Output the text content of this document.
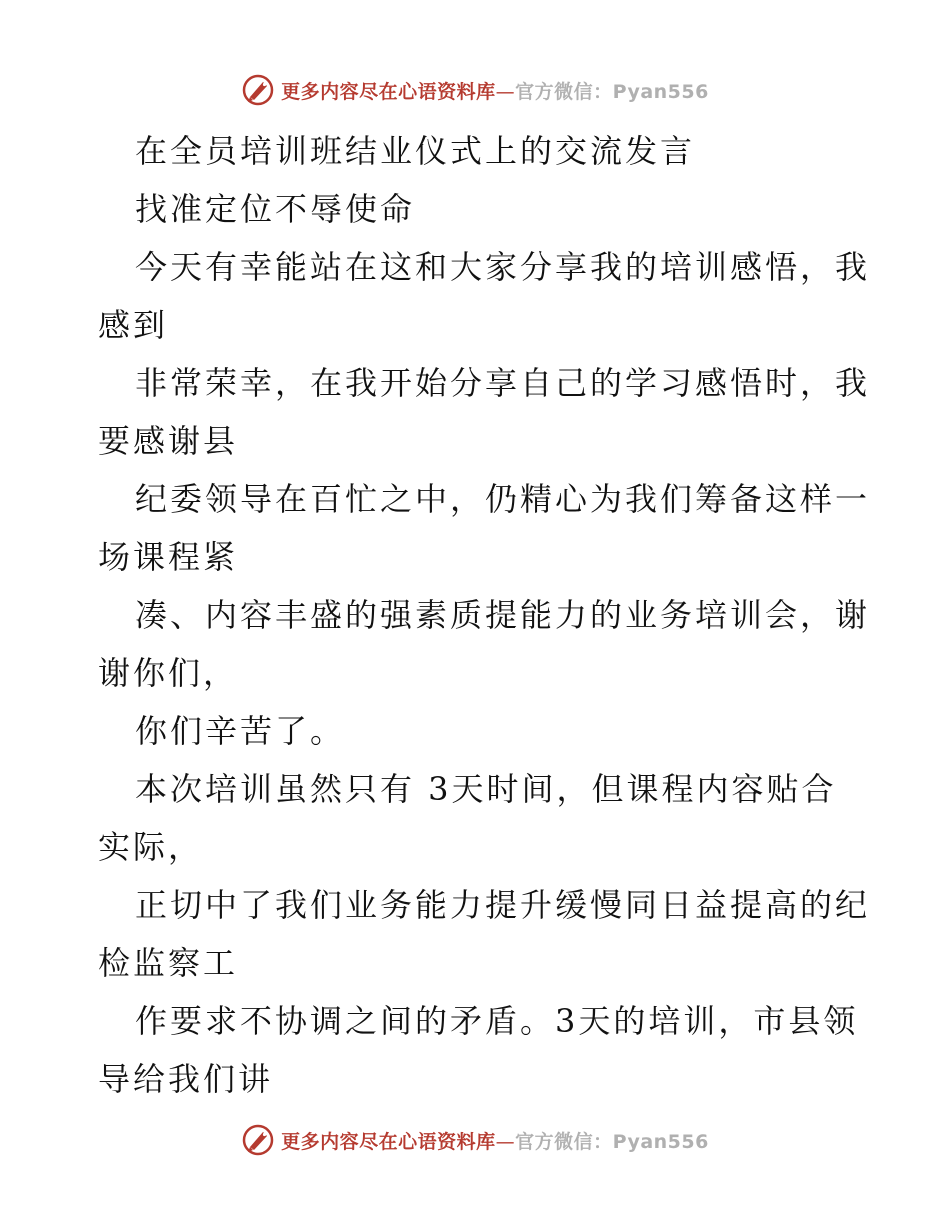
更多内容尽在心语资料库—官方微信：Pyan556
在全员培训班结业仪式上的交流发言
找准定位不辱使命
今天有幸能站在这和大家分享我的培训感悟，我
感到
非常荣幸，在我开始分享自己的学习感悟时，我
要感谢县
纪委领导在百忙之中，仍精心为我们筹备这样一
场课程紧
凑、内容丰盛的强素质提能力的业务培训会，谢
谢你们，
你们辛苦了。
本次培训虽然只有 3天时间，但课程内容贴合
实际，
正切中了我们业务能力提升缓慢同日益提高的纪
检监察工
作要求不协调之间的矛盾。3天的培训，市县领
导给我们讲
更多内容尽在心语资料库—官方微信：Pyan556
